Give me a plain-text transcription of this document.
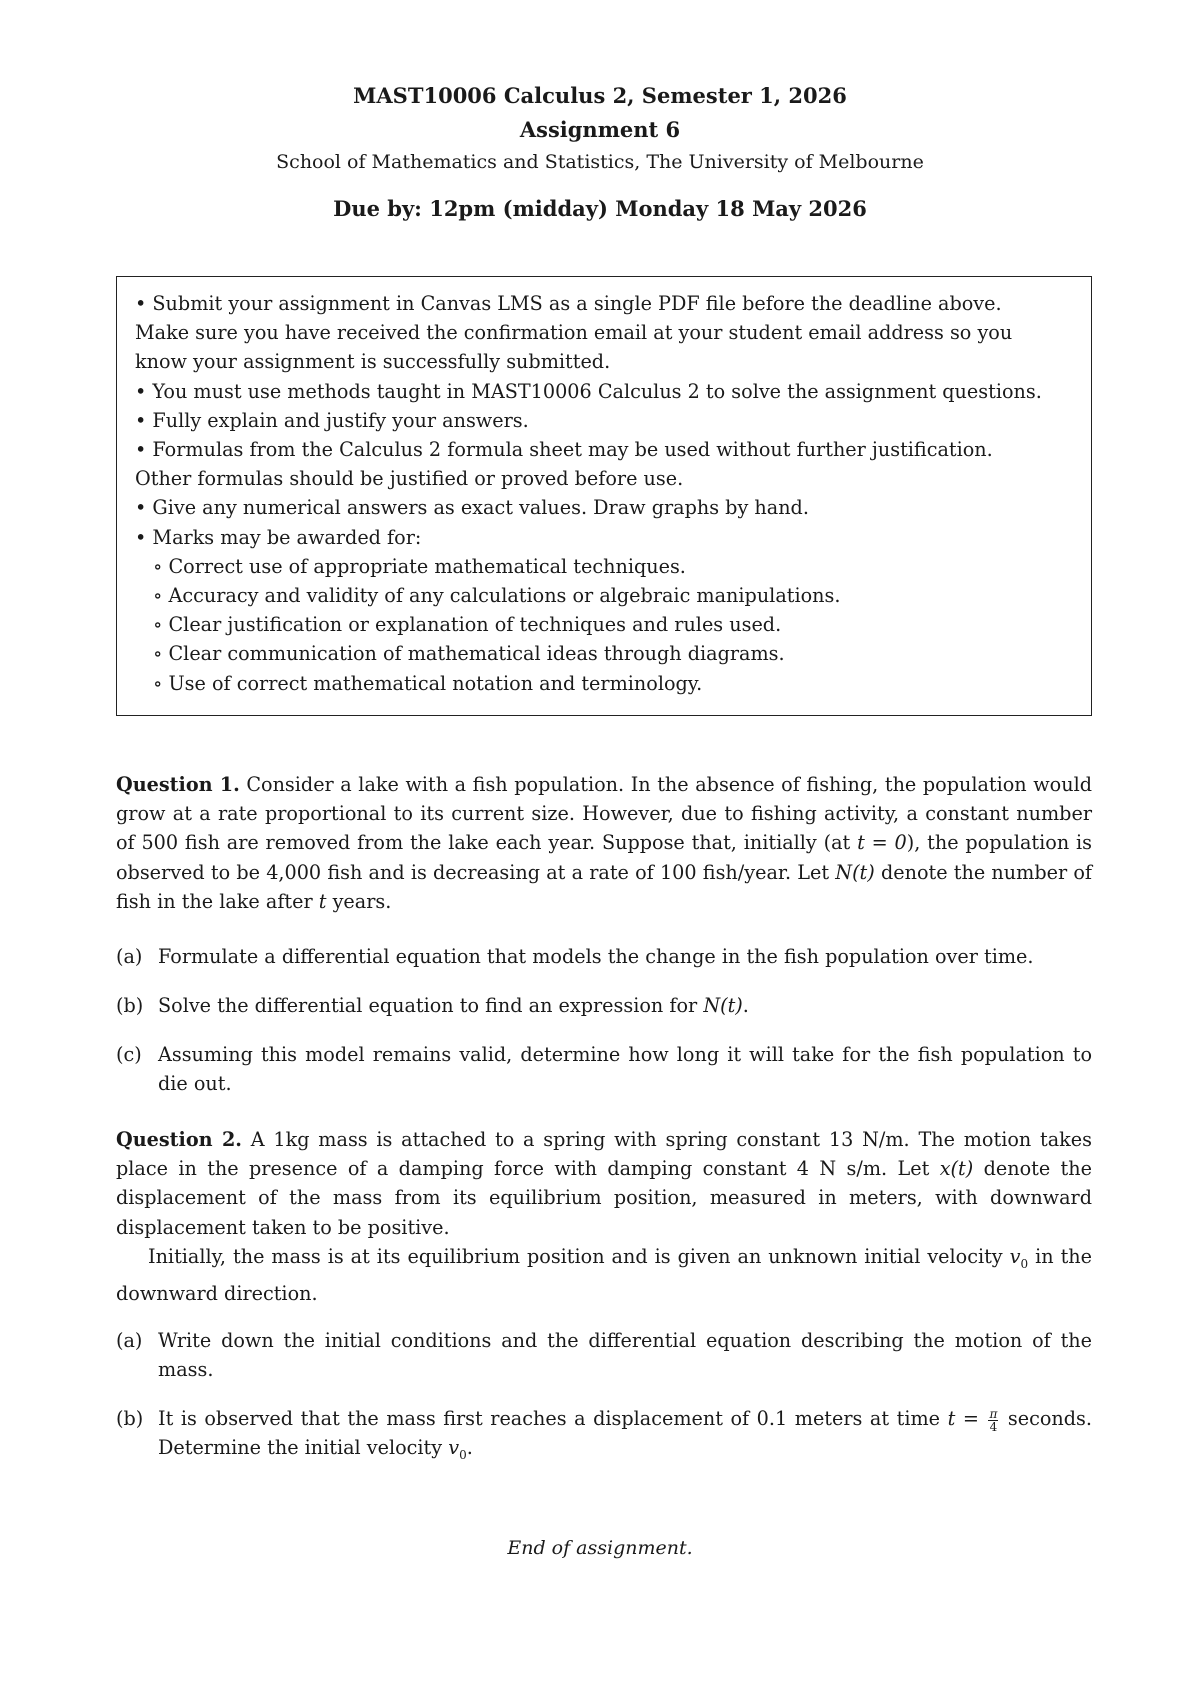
MAST10006 Calculus 2, Semester 1, 2026
Assignment 6
School of Mathematics and Statistics, The University of Melbourne
Due by: 12pm (midday) Monday 18 May 2026
• Submit your assignment in Canvas LMS as a single PDF file before the deadline above.
Make sure you have received the confirmation email at your student email address so you
know your assignment is successfully submitted.
• You must use methods taught in MAST10006 Calculus 2 to solve the assignment questions.
• Fully explain and justify your answers.
• Formulas from the Calculus 2 formula sheet may be used without further justification.
Other formulas should be justified or proved before use.
• Give any numerical answers as exact values. Draw graphs by hand.
• Marks may be awarded for:
∘ Correct use of appropriate mathematical techniques.
∘ Accuracy and validity of any calculations or algebraic manipulations.
∘ Clear justification or explanation of techniques and rules used.
∘ Clear communication of mathematical ideas through diagrams.
∘ Use of correct mathematical notation and terminology.
Question 1. Consider a lake with a fish population. In the absence of fishing, the population would grow at a rate proportional to its current size. However, due to fishing activity, a constant number of 500 fish are removed from the lake each year. Suppose that, initially (at t = 0), the population is observed to be 4,000 fish and is decreasing at a rate of 100 fish/year. Let N(t) denote the number of fish in the lake after t years.
(a) Formulate a differential equation that models the change in the fish population over time.
(b) Solve the differential equation to find an expression for N(t).
(c) Assuming this model remains valid, determine how long it will take for the fish population to die out.
Question 2. A 1kg mass is attached to a spring with spring constant 13 N/m. The motion takes place in the presence of a damping force with damping constant 4 N s/m. Let x(t) denote the displacement of the mass from its equilibrium position, measured in meters, with downward displacement taken to be positive.
Initially, the mass is at its equilibrium position and is given an unknown initial velocity $v_0$ in the downward direction.
(a) Write down the initial conditions and the differential equation describing the motion of the mass.
(b) It is observed that the mass first reaches a displacement of 0.1 meters at time $t = \frac{\pi}{4}$ seconds. Determine the initial velocity $v_0$.
End of assignment.
